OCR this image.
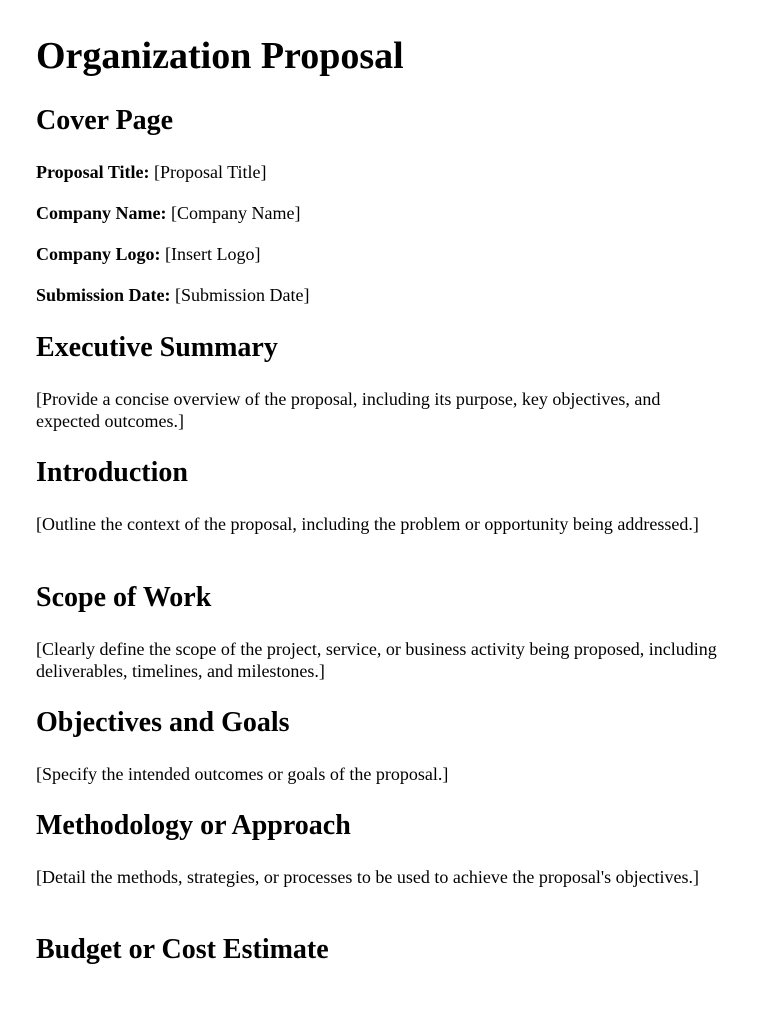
Organization Proposal
Cover Page

Proposal Title: [Proposal Title]

Company Name: [Company Name]

Company Logo: [Insert Logo]

Submission Date: [Submission Date]

Executive Summary

[Provide a concise overview of the proposal, including its purpose, key objectives, and expected outcomes.]

Introduction

[Outline the context of the proposal, including the problem or opportunity being addressed.]

Scope of Work

[Clearly define the scope of the project, service, or business activity being proposed, including deliverables, timelines, and milestones.]

Objectives and Goals

[Specify the intended outcomes or goals of the proposal.]

Methodology or Approach

[Detail the methods, strategies, or processes to be used to achieve the proposal's objectives.]

Budget or Cost Estimate
